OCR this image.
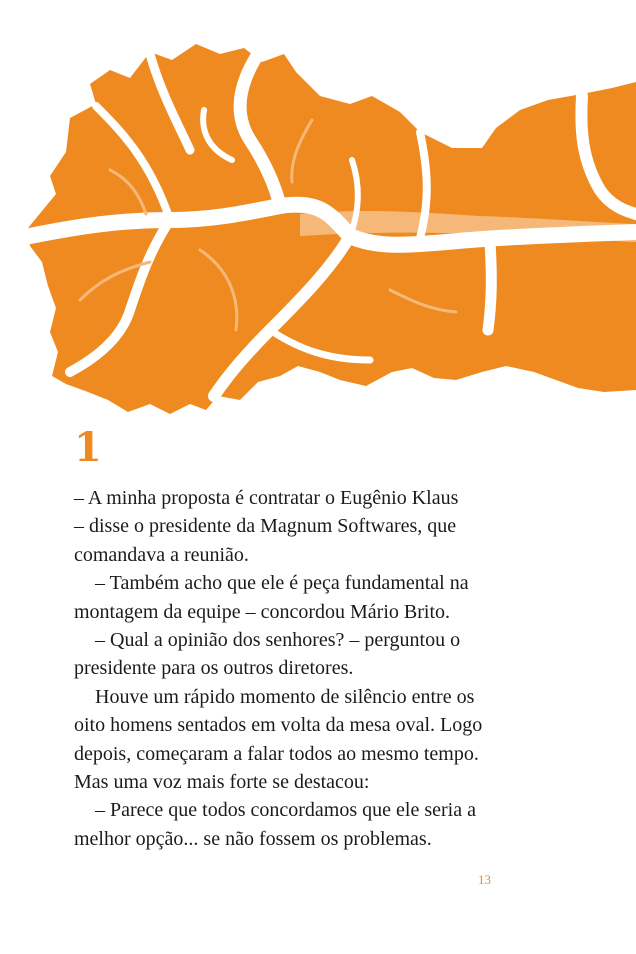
1

– A minha proposta é contratar o Eugênio Klaus
– disse o presidente da Magnum Softwares, que
comandava a reunião.

– Também acho que ele é peça fundamental na
montagem da equipe – concordou Mário Brito.

– Qual a opinião dos senhores? – perguntou o
presidente para os outros diretores.

Houve um rápido momento de silêncio entre os
oito homens sentados em volta da mesa oval. Logo
depois, começaram a falar todos ao mesmo tempo.
Mas uma voz mais forte se destacou:

– Parece que todos concordamos que ele seria a
melhor opção... se não fossem os problemas.

13
